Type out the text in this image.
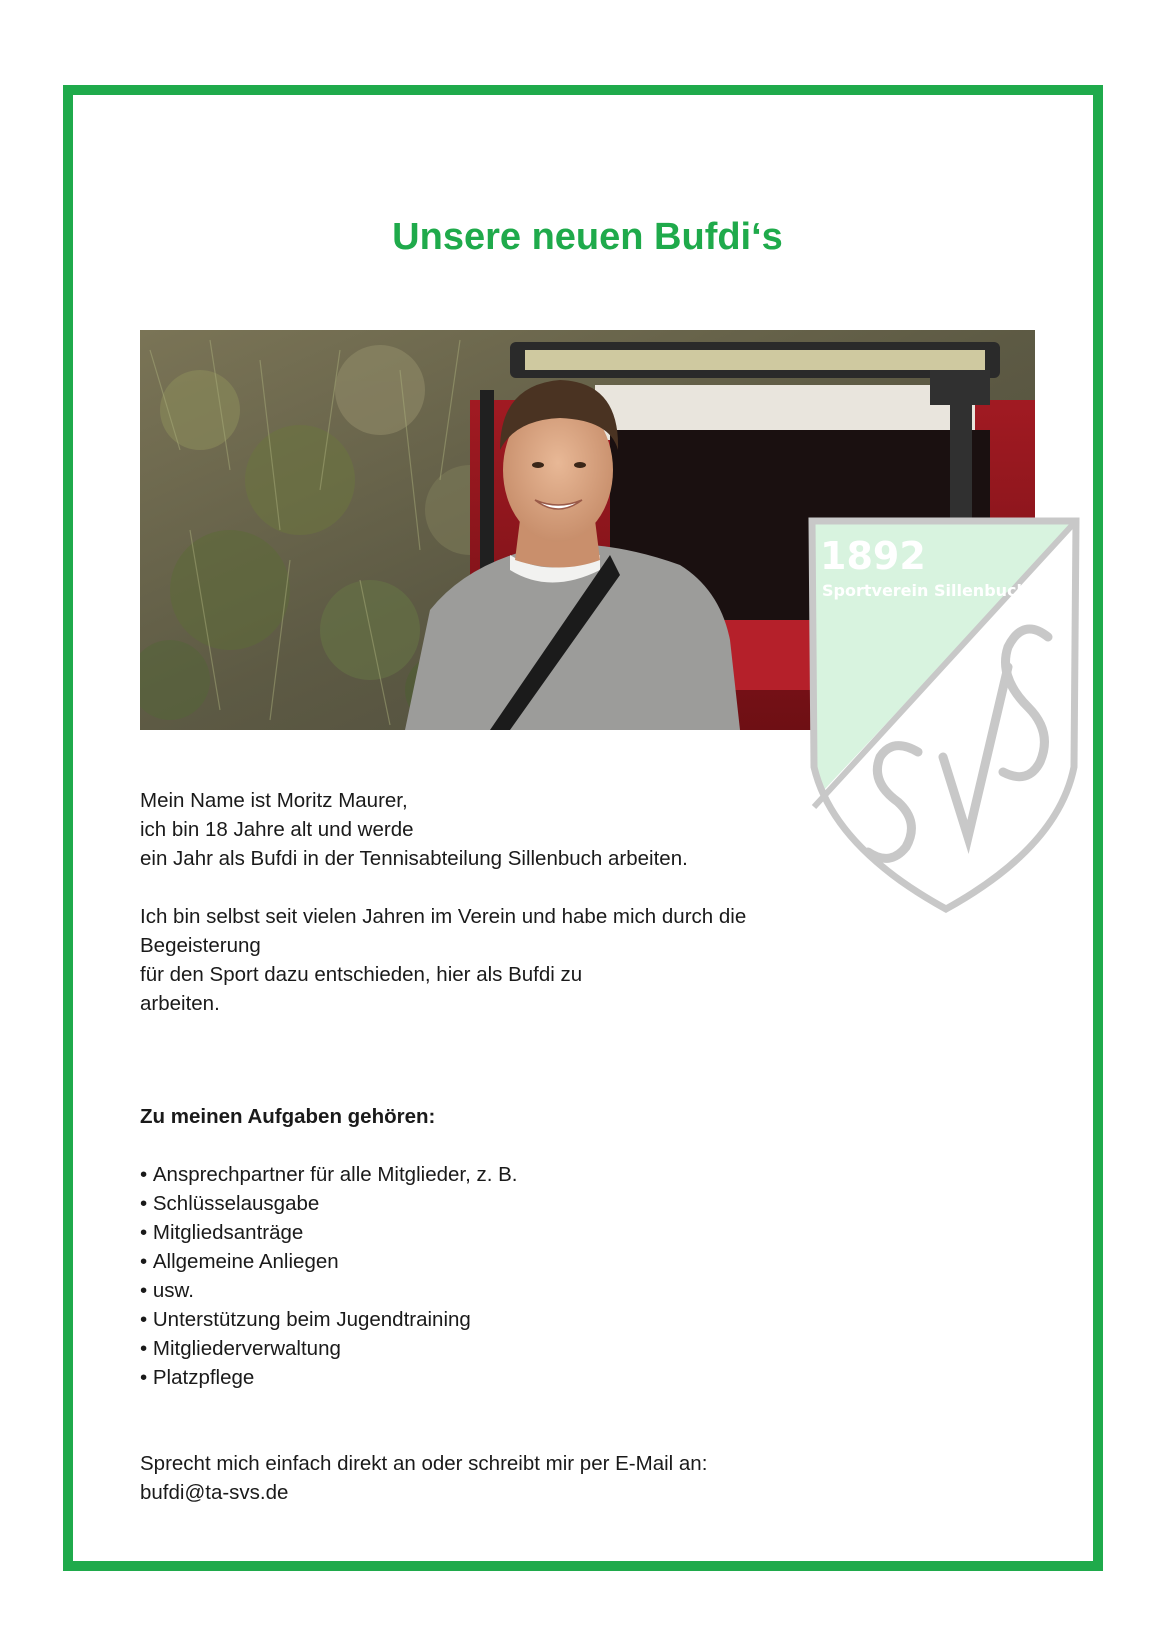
Unsere neuen Bufdi‘s
1892
Sportverein Sillenbuch

Mein Name ist Moritz Maurer,
ich bin 18 Jahre alt und werde
ein Jahr als Bufdi in der Tennisabteilung Sillenbuch arbeiten.

Ich bin selbst seit vielen Jahren im Verein und habe mich durch die
Begeisterung
für den Sport dazu entschieden, hier als Bufdi zu
arbeiten.

Zu meinen Aufgaben gehören:
• Ansprechpartner für alle Mitglieder, z. B.
• Schlüsselausgabe
• Mitgliedsanträge
• Allgemeine Anliegen
• usw.
• Unterstützung beim Jugendtraining
• Mitgliederverwaltung
• Platzpflege
Sprecht mich einfach direkt an oder schreibt mir per E-Mail an:
bufdi@ta-svs.de
